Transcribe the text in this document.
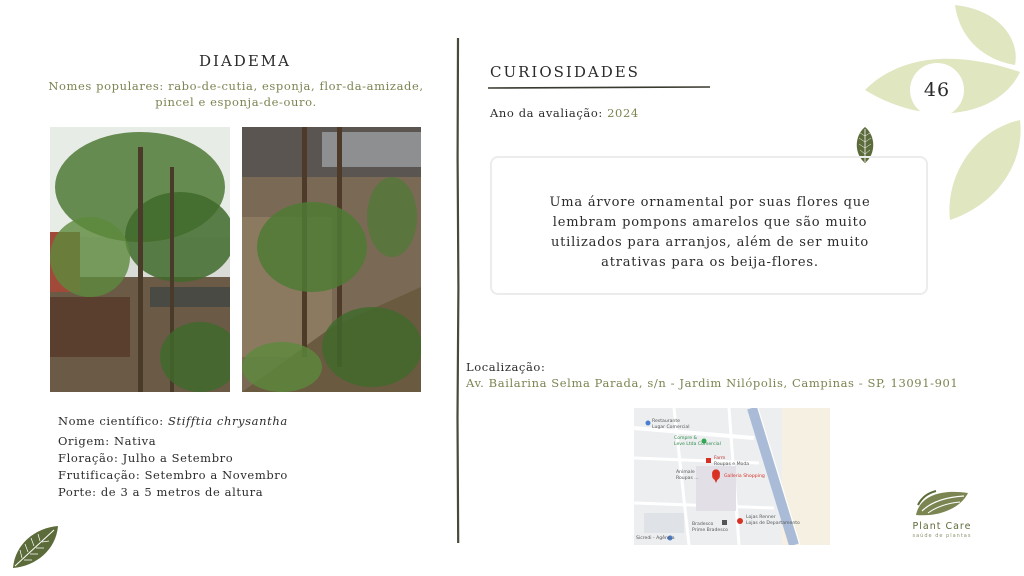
46
DIADEMA
Nomes populares: rabo-de-cutia, esponja, flor-da-amizade,
pincel e esponja-de-ouro.
Nome científico: Stifftia chrysantha
Origem: Nativa
Floração: Julho a Setembro
Frutificação: Setembro a Novembro
Porte: de 3 a 5 metros de altura
CURIOSIDADES
Ano da avaliação: 2024
Uma árvore ornamental por suas flores que
lembram pompons amarelos que são muito
utilizados para arranjos, além de ser muito
atrativas para os beija-flores.
Localização:
Av. Bailarina Selma Parada, s/n - Jardim Nilópolis, Campinas - SP, 13091-901
Restaurante
Lugar Comercial
Compre &
Leve Ltda Comercial
Farm
Roupas e Moda
Animale
Roupas ...	Galleria Shopping
Lojas Renner
Lojas de Departamento
Bradesco
Prime Bradesco
Sicredi - Agência
Plant Care
saúde de plantas
